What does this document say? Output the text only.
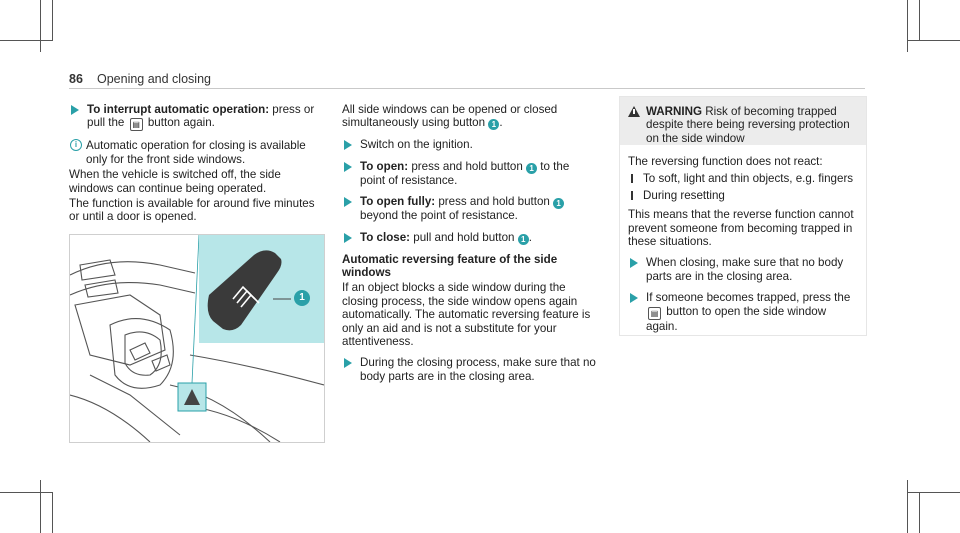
86 Opening and closing
To interrupt automatic operation: press or pull the ▤ button again.
i Automatic operation for closing is available only for the front side windows.

When the vehicle is switched off, the side windows can continue being operated.

The function is available for around five minutes or until a door is opened.

1

All side windows can be opened or closed simultaneously using button 1 .

Switch on the ignition.
To open: press and hold button 1 to the point of resistance.
To open fully: press and hold button 1 beyond the point of resistance.
To close: pull and hold button 1 .
Automatic reversing feature of the side windows

If an object blocks a side window during the closing process, the side window opens again automatically. The automatic reversing feature is only an aid and is not a substitute for your attentiveness.

During the closing process, make sure that no body parts are in the closing area.
WARNING Risk of becoming trapped despite there being reversing protection on the side window

The reversing function does not react:

To soft, light and thin objects, e.g. fingers
During resetting

This means that the reverse function cannot prevent someone from becoming trapped in these situations.

When closing, make sure that no body parts are in the closing area.
If someone becomes trapped, press the ▤ button to open the side window again.
